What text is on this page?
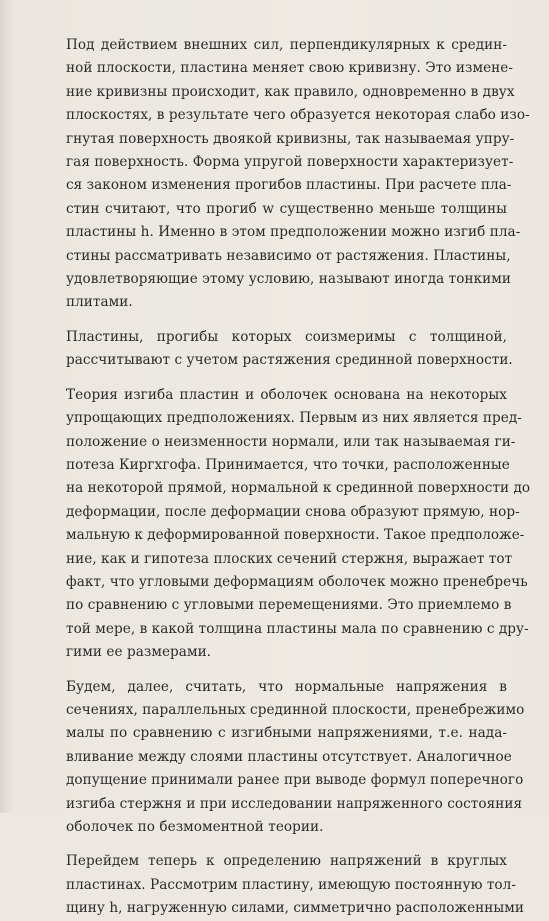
Под действием внешних сил, перпендикулярных к средин-
ной плоскости, пластина меняет свою кривизну. Это измене-
ние кривизны происходит, как правило, одновременно в двух
плоскостях, в результате чего образуется некоторая слабо изо-
гнутая поверхность двоякой кривизны, так называемая упру-
гая поверхность. Форма упругой поверхности характеризует-
ся законом изменения прогибов пластины. При расчете пла-
стин считают, что прогиб w существенно меньше толщины
пластины h. Именно в этом предположении можно изгиб пла-
стины рассматривать независимо от растяжения. Пластины,
удовлетворяющие этому условию, называют иногда тонкими
плитами.
Пластины, прогибы которых соизмеримы с толщиной,
рассчитывают с учетом растяжения срединной поверхности.
Теория изгиба пластин и оболочек основана на некоторых
упрощающих предположениях. Первым из них является пред-
положение о неизменности нормали, или так называемая ги-
потеза Киргхгофа. Принимается, что точки, расположенные
на некоторой прямой, нормальной к срединной поверхности до
деформации, после деформации снова образуют прямую, нор-
мальную к деформированной поверхности. Такое предположе-
ние, как и гипотеза плоских сечений стержня, выражает тот
факт, что угловыми деформациям оболочек можно пренебречь
по сравнению с угловыми перемещениями. Это приемлемо в
той мере, в какой толщина пластины мала по сравнению с дру-
гими ее размерами.
Будем, далее, считать, что нормальные напряжения в
сечениях, параллельных срединной плоскости, пренебрежимо
малы по сравнению с изгибными напряжениями, т.е. нада-
вливание между слоями пластины отсутствует. Аналогичное
допущение принимали ранее при выводе формул поперечного
изгиба стержня и при исследовании напряженного состояния
оболочек по безмоментной теории.
Перейдем теперь к определению напряжений в круглых
пластинах. Рассмотрим пластину, имеющую постоянную тол-
щину h, нагруженную силами, симметрично расположенными
